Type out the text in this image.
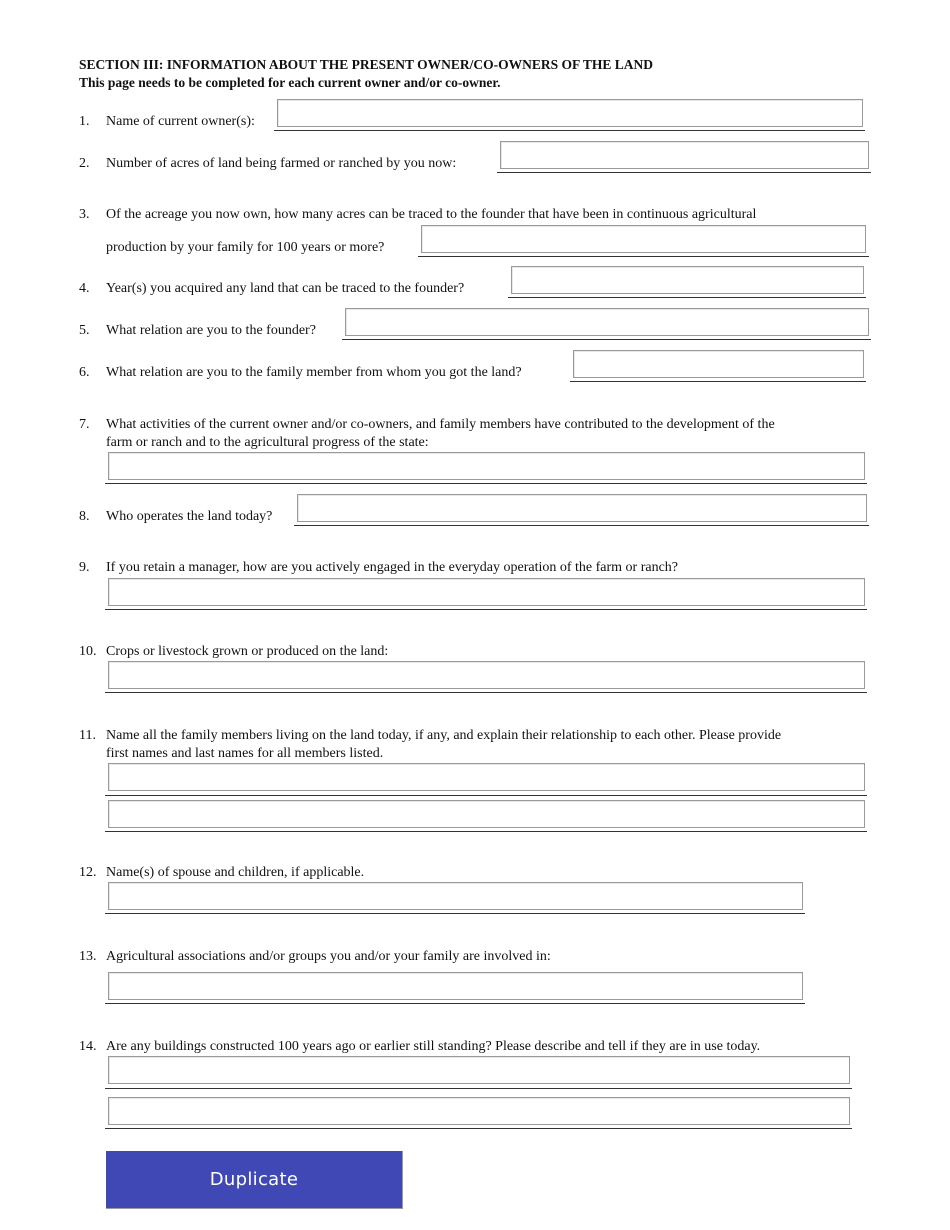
SECTION III: INFORMATION ABOUT THE PRESENT OWNER/CO-OWNERS OF THE LAND
This page needs to be completed for each current owner and/or co-owner.
1. Name of current owner(s):
2. Number of acres of land being farmed or ranched by you now:
3. Of the acreage you now own, how many acres can be traced to the founder that have been in continuous agricultural
production by your family for 100 years or more?
4. Year(s) you acquired any land that can be traced to the founder?
5. What relation are you to the founder?
6. What relation are you to the family member from whom you got the land?
7. What activities of the current owner and/or co-owners, and family members have contributed to the development of the
farm or ranch and to the agricultural progress of the state:
8. Who operates the land today?
9. If you retain a manager, how are you actively engaged in the everyday operation of the farm or ranch?
10. Crops or livestock grown or produced on the land:
11. Name all the family members living on the land today, if any, and explain their relationship to each other. Please provide
first names and last names for all members listed.
12. Name(s) of spouse and children, if applicable.
13. Agricultural associations and/or groups you and/or your family are involved in:
14. Are any buildings constructed 100 years ago or earlier still standing? Please describe and tell if they are in use today.
Duplicate
